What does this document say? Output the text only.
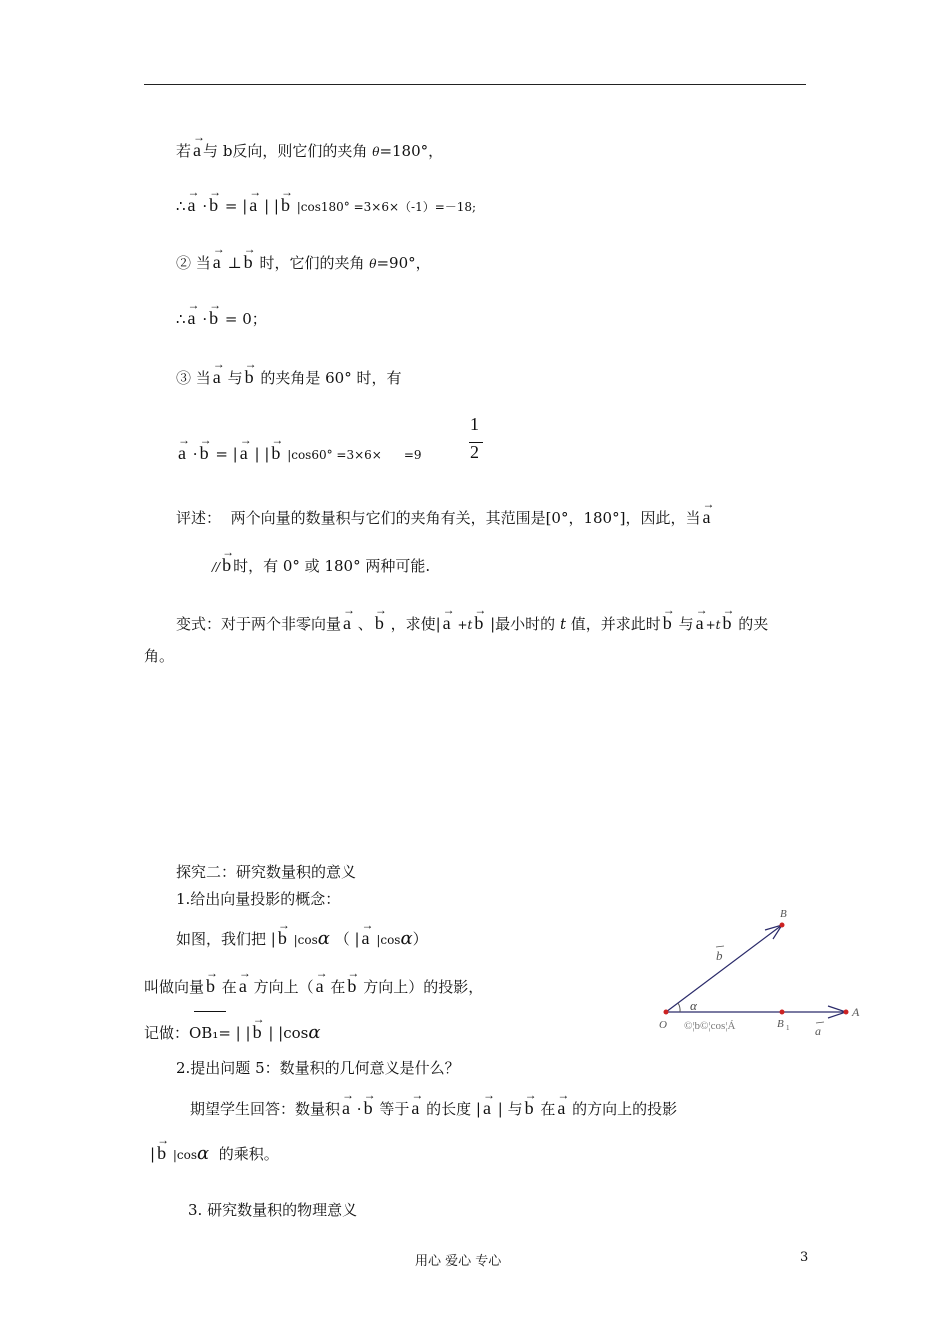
若 → a 与 b反向，则它们的夹角 θ=180°，
∴ → a · → b = | → a | | → b |cos180° =3×6×（-1）=－18;
② 当 → a ⊥ → b 时，它们的夹角 θ=90°，
∴ → a · → b = 0；
③ 当 → a 与 → b 的夹角是 60° 时，有
→ a · → b = | → a | | → b |cos60° =3×6× =9
1
2
评述： 两个向量的数量积与它们的夹角有关，其范围是[0°，180°]，因此，当 → a
// → b 时，有 0° 或 180° 两种可能.
变式：对于两个非零向量 → a 、 → b ，求使| → a +t → b |最小时的 t 值，并求此时 → b 与 → a +t → b 的夹
角。
探究二：研究数量积的意义
1.给出向量投影的概念：
如图，我们把 | → b |cosα （ | → a |cosα）
叫做向量 → b 在 → a 方向上（ → a 在 → b 方向上）的投影，
记做：OB₁= | | → b | |cosα
2.提出问题 5：数量积的几何意义是什么？
期望学生回答：数量积 → a · → b 等于 → a 的长度 | → a | 与 → b 在 → a 的方向上的投影
| → b |cosα 的乘积。
3. 研究数量积的物理意义
O
B
A
B 1
α
b
a
©¦b©¦cos¦Á
用心 爱心 专心	3
